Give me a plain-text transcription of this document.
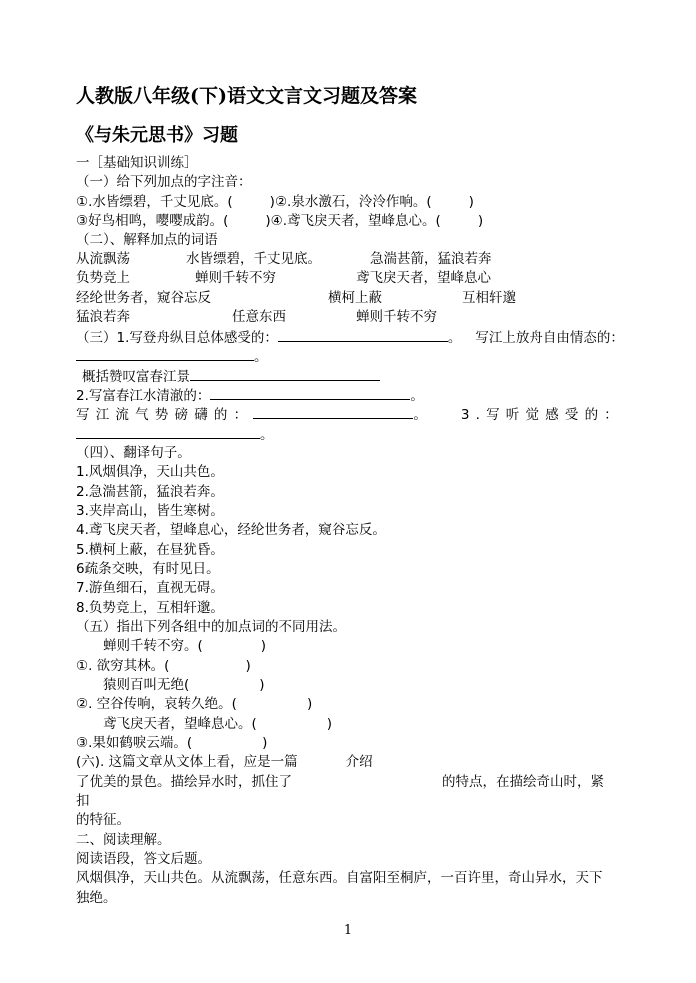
人教版八年级(下)语文文言文习题及答案
《与朱元思书》习题
一［基础知识训练］
（一）给下列加点的字注音：
①.水皆缥碧，千丈见底。(	)②.泉水激石，泠泠作响。(	)
③好鸟相鸣，嘤嘤成韵。(	)④.鸢飞戾天者，望峰息心。(	)
（二）、解释加点的词语
从流飘荡	水皆缥碧，千丈见底。	急湍甚箭，猛浪若奔
负势竞上	蝉则千转不穷	鸢飞戾天者，望峰息心
经纶世务者，窥谷忘反	横柯上蔽	互相轩邈
猛浪若奔	任意东西	蝉则千转不穷
（三）1.写登舟纵目总体感受的：	。 写江上放舟自由情态的：
。
概括赞叹富春江景
2.写富春江水清澈的：	。
写江流气势磅礴的：	。	3.写听觉感受的：
。
（四）、翻译句子。
1.风烟俱净，天山共色。
2.急湍甚箭，猛浪若奔。
3.夹岸高山，皆生寒树。
4.鸢飞戾天者，望峰息心，经纶世务者，窥谷忘反。
5.横柯上蔽，在昼犹昏。
6疏条交映，有时见日。
7.游鱼细石，直视无碍。
8.负势竞上，互相轩邈。
（五）指出下列各组中的加点词的不同用法。
蝉则千转不穷。(	)
①. 欲穷其林。(	)
猿则百叫无绝(	)
②. 空谷传响，哀转久绝。(	)
鸢飞戾天者，望峰息心。(	)
③.果如鹤唳云端。(	)
(六). 这篇文章从文体上看，应是一篇	介绍
了优美的景色。描绘异水时，抓住了	的特点，在描绘奇山时，紧
扣
的特征。
二、阅读理解。
阅读语段，答文后题。
风烟俱净，天山共色。从流飘荡，任意东西。自富阳至桐庐，一百许里，奇山异水，天下
独绝。
1
